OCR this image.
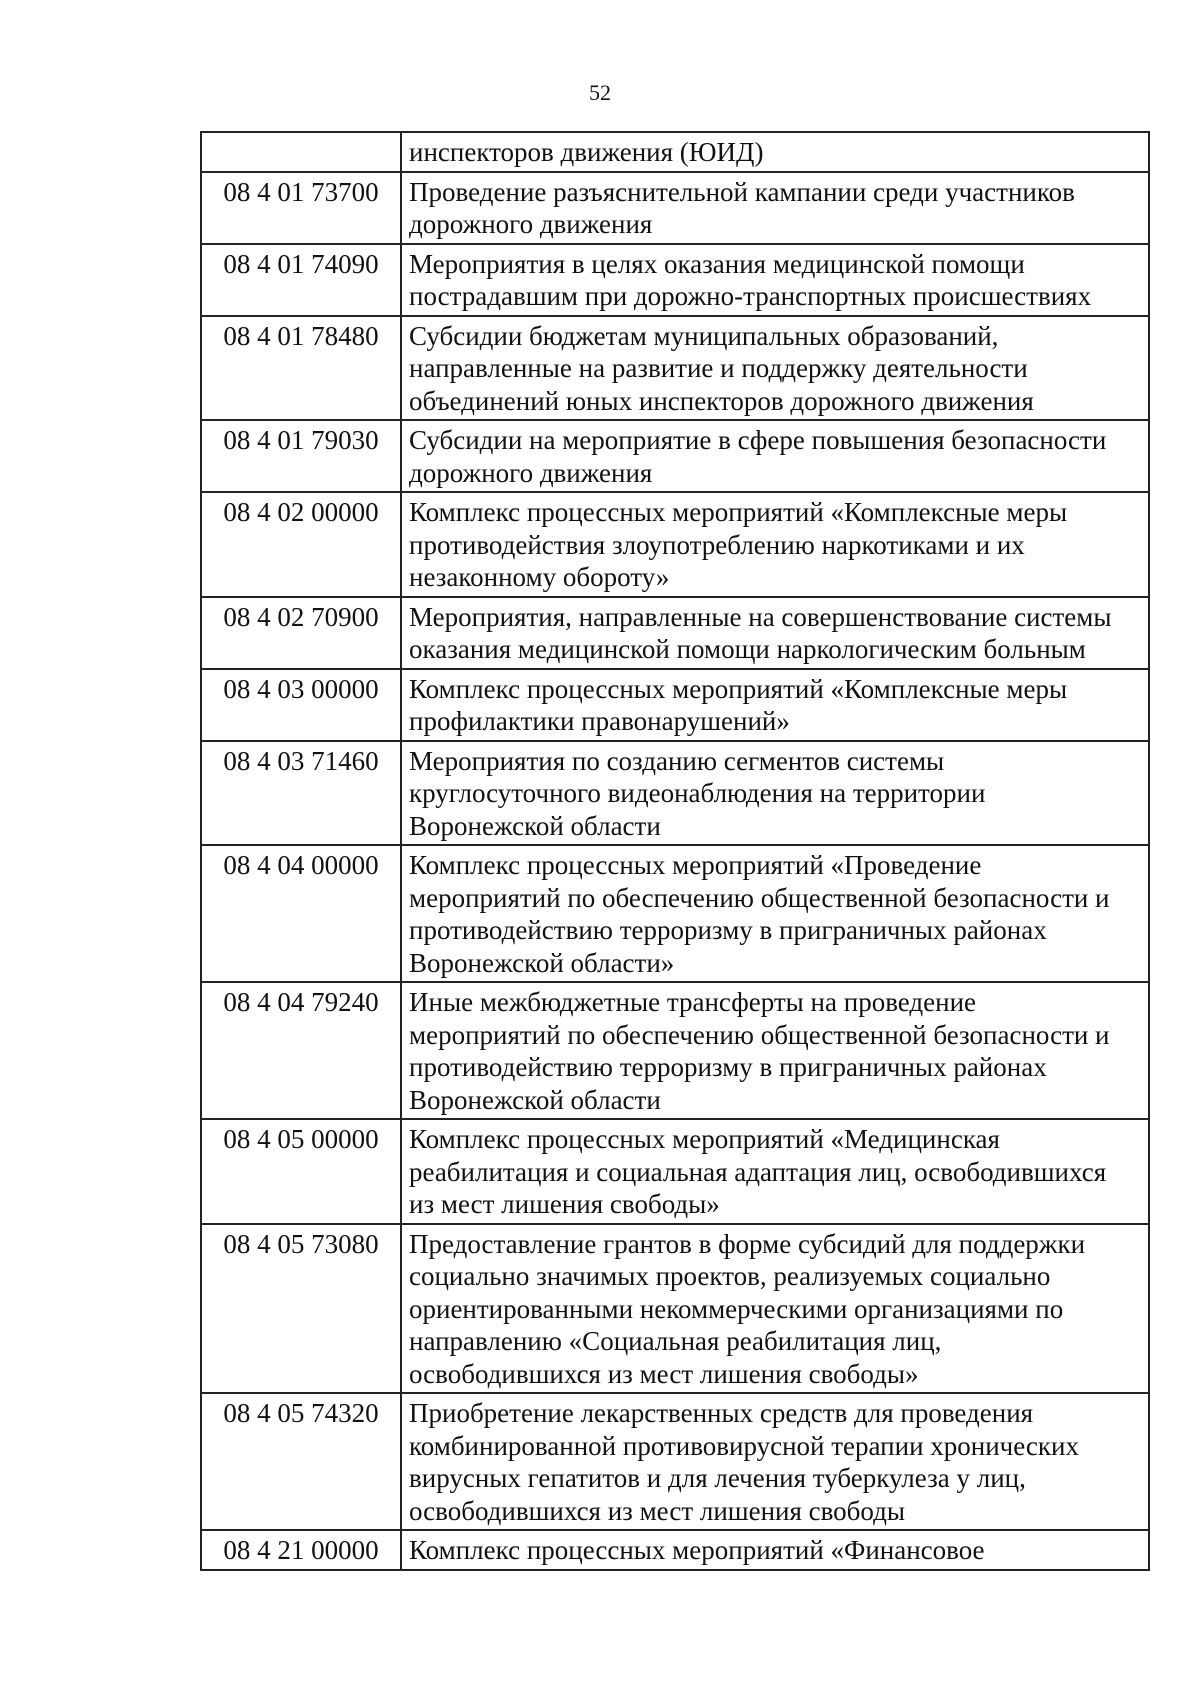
52

	инспекторов движения (ЮИД)

08 4 01 73700	Проведение разъяснительной кампании среди участников
дорожного движения

08 4 01 74090	Мероприятия в целях оказания медицинской помощи
пострадавшим при дорожно-транспортных происшествиях

08 4 01 78480	Субсидии бюджетам муниципальных образований,
направленные на развитие и поддержку деятельности
объединений юных инспекторов дорожного движения

08 4 01 79030	Субсидии на мероприятие в сфере повышения безопасности
дорожного движения

08 4 02 00000	Комплекс процессных мероприятий «Комплексные меры
противодействия злоупотреблению наркотиками и их
незаконному обороту»

08 4 02 70900	Мероприятия, направленные на совершенствование системы
оказания медицинской помощи наркологическим больным

08 4 03 00000	Комплекс процессных мероприятий «Комплексные меры
профилактики правонарушений»

08 4 03 71460	Мероприятия по созданию сегментов системы
круглосуточного видеонаблюдения на территории
Воронежской области

08 4 04 00000	Комплекс процессных мероприятий «Проведение
мероприятий по обеспечению общественной безопасности и
противодействию терроризму в приграничных районах
Воронежской области»

08 4 04 79240	Иные межбюджетные трансферты на проведение
мероприятий по обеспечению общественной безопасности и
противодействию терроризму в приграничных районах
Воронежской области

08 4 05 00000	Комплекс процессных мероприятий «Медицинская
реабилитация и социальная адаптация лиц, освободившихся
из мест лишения свободы»

08 4 05 73080	Предоставление грантов в форме субсидий для поддержки
социально значимых проектов, реализуемых социально
ориентированными некоммерческими организациями по
направлению «Социальная реабилитация лиц,
освободившихся из мест лишения свободы»

08 4 05 74320	Приобретение лекарственных средств для проведения
комбинированной противовирусной терапии хронических
вирусных гепатитов и для лечения туберкулеза у лиц,
освободившихся из мест лишения свободы

08 4 21 00000	Комплекс процессных мероприятий «Финансовое
